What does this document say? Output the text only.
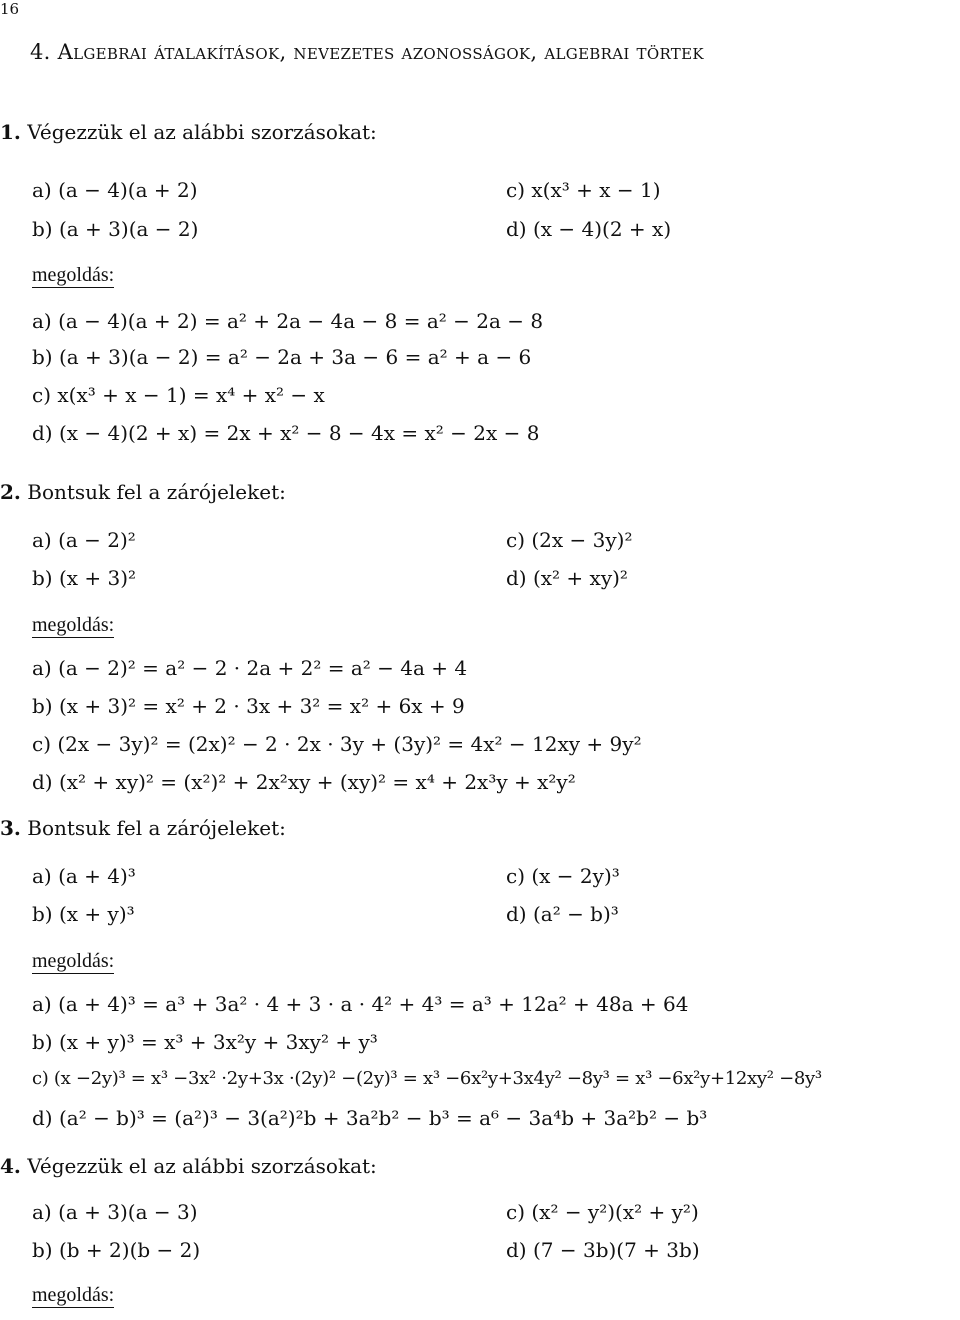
16
4. Algebrai átalakítások, nevezetes azonosságok, algebrai törtek
1. Végezzük el az alábbi szorzásokat:
a) (a − 4)(a + 2)	c) x(x³ + x − 1)
b) (a + 3)(a − 2)	d) (x − 4)(2 + x)
megoldás:
a) (a − 4)(a + 2) = a² + 2a − 4a − 8 = a² − 2a − 8
b) (a + 3)(a − 2) = a² − 2a + 3a − 6 = a² + a − 6
c) x(x³ + x − 1) = x⁴ + x² − x
d) (x − 4)(2 + x) = 2x + x² − 8 − 4x = x² − 2x − 8
2. Bontsuk fel a zárójeleket:
a) (a − 2)²	c) (2x − 3y)²
b) (x + 3)²	d) (x² + xy)²
megoldás:
a) (a − 2)² = a² − 2 · 2a + 2² = a² − 4a + 4
b) (x + 3)² = x² + 2 · 3x + 3² = x² + 6x + 9
c) (2x − 3y)² = (2x)² − 2 · 2x · 3y + (3y)² = 4x² − 12xy + 9y²
d) (x² + xy)² = (x²)² + 2x²xy + (xy)² = x⁴ + 2x³y + x²y²
3. Bontsuk fel a zárójeleket:
a) (a + 4)³	c) (x − 2y)³
b) (x + y)³	d) (a² − b)³
megoldás:
a) (a + 4)³ = a³ + 3a² · 4 + 3 · a · 4² + 4³ = a³ + 12a² + 48a + 64
b) (x + y)³ = x³ + 3x²y + 3xy² + y³
c) (x −2y)³ = x³ −3x² ·2y+3x ·(2y)² −(2y)³ = x³ −6x²y+3x4y² −8y³ = x³ −6x²y+12xy² −8y³
d) (a² − b)³ = (a²)³ − 3(a²)²b + 3a²b² − b³ = a⁶ − 3a⁴b + 3a²b² − b³
4. Végezzük el az alábbi szorzásokat:
a) (a + 3)(a − 3)	c) (x² − y²)(x² + y²)
b) (b + 2)(b − 2)	d) (7 − 3b)(7 + 3b)
megoldás:
